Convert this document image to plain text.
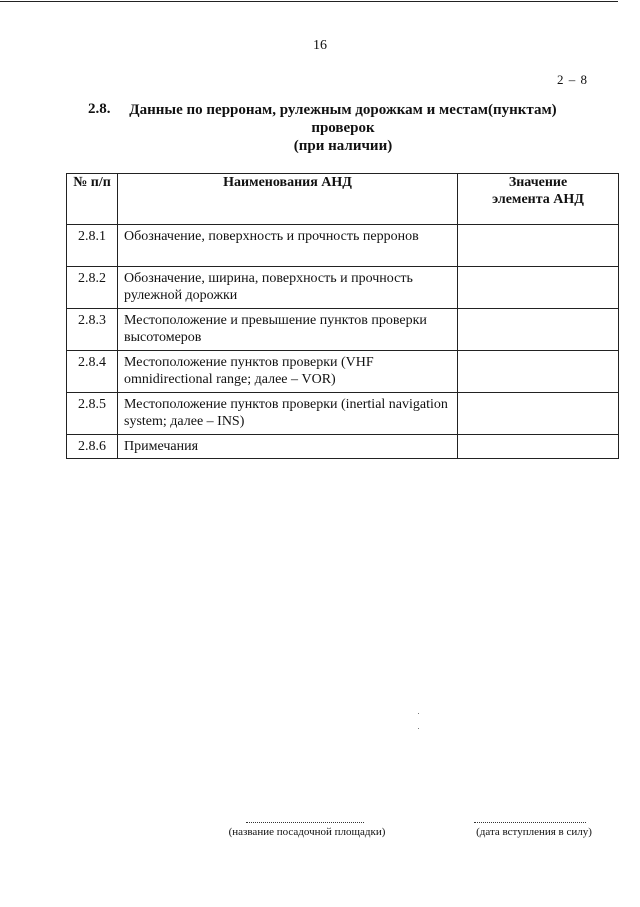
16
2 – 8
2.8.	Данные по перронам, рулежным дорожкам и местам(пунктам)
проверок
(при наличии)
№ п/п	Наименования АНД	Значение
элемента АНД

2.8.1	Обозначение, поверхность и прочность перронов	
2.8.2	Обозначение, ширина, поверхность и прочность рулежной дорожки	
2.8.3	Местоположение и превышение пунктов проверки высотомеров	
2.8.4	Местоположение пунктов проверки (VHF omnidirectional range; далее – VOR)	
2.8.5	Местоположение пунктов проверки (inertial navigation system; далее – INS)	
2.8.6	Примечания	
(название посадочной площадки)	(дата вступления в силу)
